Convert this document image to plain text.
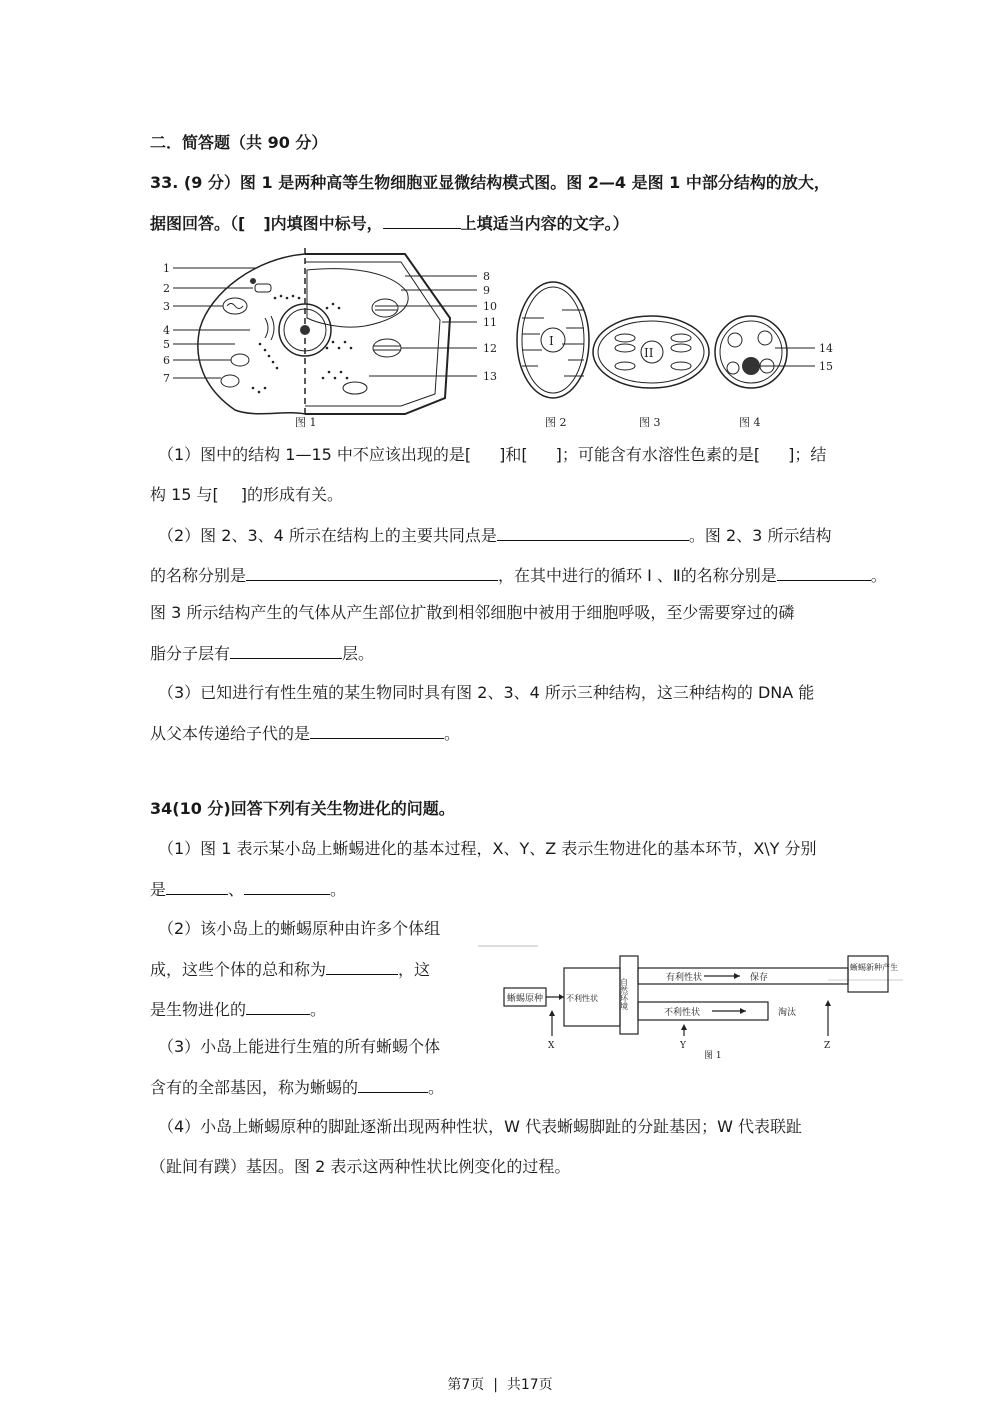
二．简答题（共 90 分）
33. (9 分）图 1 是两种高等生物细胞亚显微结构模式图。图 2—4 是图 1 中部分结构的放大，
据图回答。（[ ]内填图中标号，	上填适当内容的文字。）
1
2
3
4
5
6
7
8
9
10
11
12
13
图 1
I
图 2
II
图 3
14
15
图 4
（1）图中的结构 1—15 中不应该出现的是[ ]和[ ]；可能含有水溶性色素的是[ ]；结
构 15 与[ ]的形成有关。
（2）图 2、3、4 所示在结构上的主要共同点是	。图 2、3 所示结构
的名称分别是	，在其中进行的循环 Ⅰ 、Ⅱ的名称分别是	。
图 3 所示结构产生的气体从产生部位扩散到相邻细胞中被用于细胞呼吸，至少需要穿过的磷
脂分子层有	层。
（3）已知进行有性生殖的某生物同时具有图 2、3、4 所示三种结构，这三种结构的 DNA 能
从父本传递给子代的是	。
34(10 分)回答下列有关生物进化的问题。
（1）图 1 表示某小岛上蜥蜴进化的基本过程，X、Y、Z 表示生物进化的基本环节，X\Y 分别
是	、	。
（2）该小岛上的蜥蜴原种由许多个体组
成，这些个体的总和称为	，这
是生物进化的	。
（3）小岛上能进行生殖的所有蜥蜴个体
含有的全部基因，称为蜥蜴的	。
（4）小岛上蜥蜴原种的脚趾逐渐出现两种性状，W 代表蜥蜴脚趾的分趾基因；W 代表联趾
（趾间有蹼）基因。图 2 表示这两种性状比例变化的过程。
蜥蜴原种	不利性状	自然环境	有利性状	保存
蜥蜴新种产生
不利性状	淘汰
X	Y	Z
图 1
第7页 | 共17页
